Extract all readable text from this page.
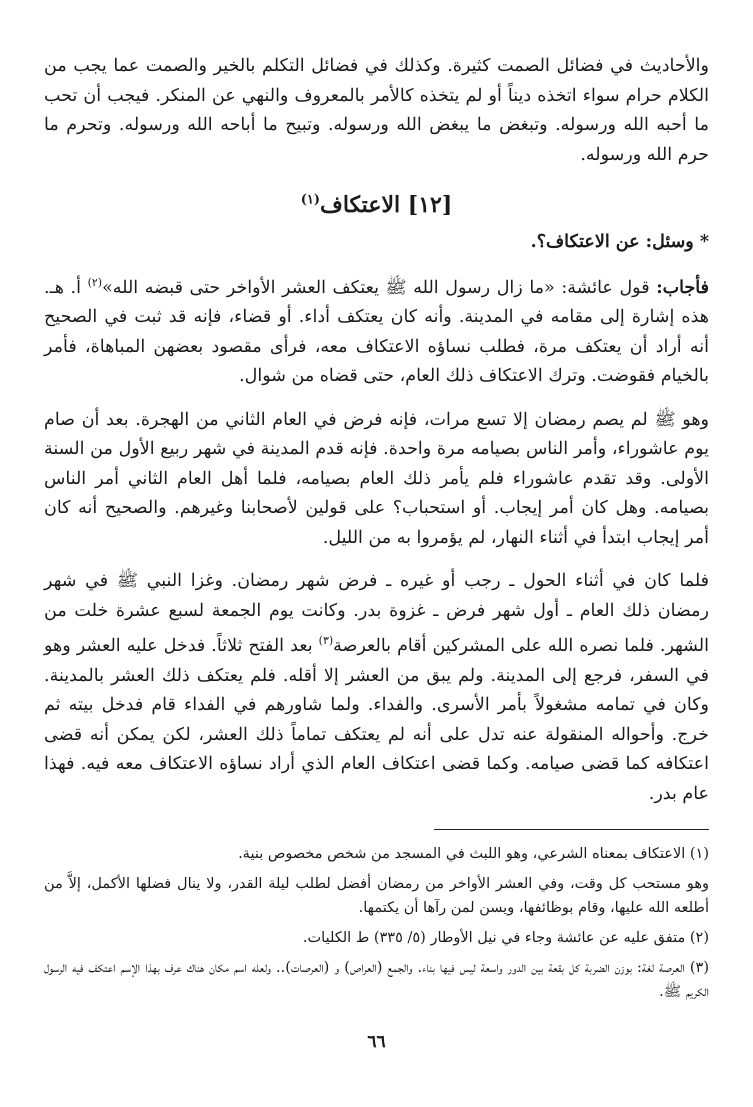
والأحاديث في فضائل الصمت كثيرة. وكذلك في فضائل التكلم بالخير والصمت عما يجب من الكلام حرام سواء اتخذه ديناً أو لم يتخذه كالأمر بالمعروف والنهي عن المنكر. فيجب أن تحب ما أحبه الله ورسوله. وتبغض ما يبغض الله ورسوله. وتبيح ما أباحه الله ورسوله. وتحرم ما حرم الله ورسوله.

[١٢] الاعتكاف$^{(١)}$

* وسئل: عن الاعتكاف؟.

فأجاب: قول عائشة: «ما زال رسول الله ﷺ يعتكف العشر الأواخر حتى قبضه الله»$^{(٢)}$ أ. هـ. هذه إشارة إلى مقامه في المدينة. وأنه كان يعتكف أداء. أو قضاء، فإنه قد ثبت في الصحيح أنه أراد أن يعتكف مرة، فطلب نساؤه الاعتكاف معه، فرأى مقصود بعضهن المباهاة، فأمر بالخيام فقوضت. وترك الاعتكاف ذلك العام، حتى قضاه من شوال.

وهو ﷺ لم يصم رمضان إلا تسع مرات، فإنه فرض في العام الثاني من الهجرة. بعد أن صام يوم عاشوراء، وأمر الناس بصيامه مرة واحدة. فإنه قدم المدينة في شهر ربيع الأول من السنة الأولى. وقد تقدم عاشوراء فلم يأمر ذلك العام بصيامه، فلما أهل العام الثاني أمر الناس بصيامه. وهل كان أمر إيجاب. أو استحباب؟ على قولين لأصحابنا وغيرهم. والصحيح أنه كان أمر إيجاب ابتدأ في أثناء النهار، لم يؤمروا به من الليل.

فلما كان في أثناء الحول ـ رجب أو غيره ـ فرض شهر رمضان. وغزا النبي ﷺ في شهر رمضان ذلك العام ـ أول شهر فرض ـ غزوة بدر. وكانت يوم الجمعة لسبع عشرة خلت من الشهر. فلما نصره الله على المشركين أقام بالعرصة$^{(٣)}$ بعد الفتح ثلاثاً. فدخل عليه العشر وهو في السفر، فرجع إلى المدينة. ولم يبق من العشر إلا أقله. فلم يعتكف ذلك العشر بالمدينة. وكان في تمامه مشغولاً بأمر الأسرى. والفداء. ولما شاورهم في الفداء قام فدخل بيته ثم خرج. وأحواله المنقولة عنه تدل على أنه لم يعتكف تماماً ذلك العشر، لكن يمكن أنه قضى اعتكافه كما قضى صيامه. وكما قضى اعتكاف العام الذي أراد نساؤه الاعتكاف معه فيه. فهذا عام بدر.

(١) الاعتكاف بمعناه الشرعي، وهو اللبث في المسجد من شخص مخصوص بنية.

وهو مستحب كل وقت، وفي العشر الأواخر من رمضان أفضل لطلب ليلة القدر، ولا ينال فضلها الأكمل، إلاَّ من أطلعه الله عليها، وقام بوظائفها، ويسن لمن رآها أن يكتمها.

(٢) متفق عليه عن عائشة وجاء في نيل الأوطار (٥/ ٣٣٥) ط الكليات.

(٣) العرصة لغة: بوزن الضربة كل بقعة بين الدور واسعة ليس فيها بناء. والجمع (العراص) و (العرصات).. ولعله اسم مكان هناك عرف بهذا الإسم اعتكف فيه الرسول الكريم ﷺ.

٦٦
